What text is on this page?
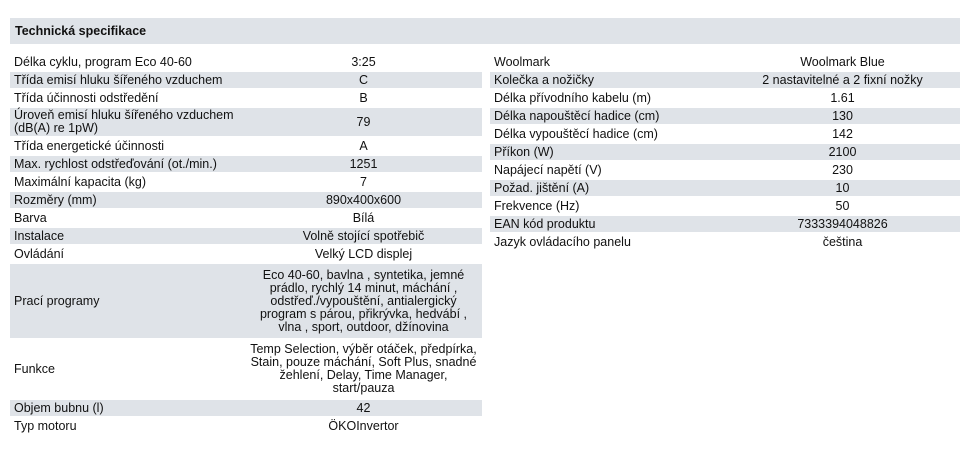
Technická specifikace
Délka cyklu, program Eco 40-60	3:25
Třída emisí hluku šířeného vzduchem	C
Třída účinnosti odstředění	B
Úroveň emisí hluku šířeného vzduchem (dB(A) re 1pW)	79
Třída energetické účinnosti	A
Max. rychlost odstřeďování (ot./min.)	1251
Maximální kapacita (kg)	7
Rozměry (mm)	890x400x600
Barva	Bílá
Instalace	Volně stojící spotřebič
Ovládání	Velký LCD displej
Prací programy	Eco 40-60, bavlna , syntetika, jemné prádlo, rychlý 14 minut, máchání , odstřeď./vypouštění, antialergický program s párou, přikrývka, hedvábí , vlna , sport, outdoor, džínovina
Funkce	Temp Selection, výběr otáček, předpírka, Stain, pouze máchání, Soft Plus, snadné žehlení, Delay, Time Manager, start/pauza
Objem bubnu (l)	42
Typ motoru	ÖKOInvertor
Woolmark	Woolmark Blue
Kolečka a nožičky	2 nastavitelné a 2 fixní nožky
Délka přívodního kabelu (m)	1.61
Délka napouštěcí hadice (cm)	130
Délka vypouštěcí hadice (cm)	142
Příkon (W)	2100
Napájecí napětí (V)	230
Požad. jištění (A)	10
Frekvence (Hz)	50
EAN kód produktu	7333394048826
Jazyk ovládacího panelu	čeština
